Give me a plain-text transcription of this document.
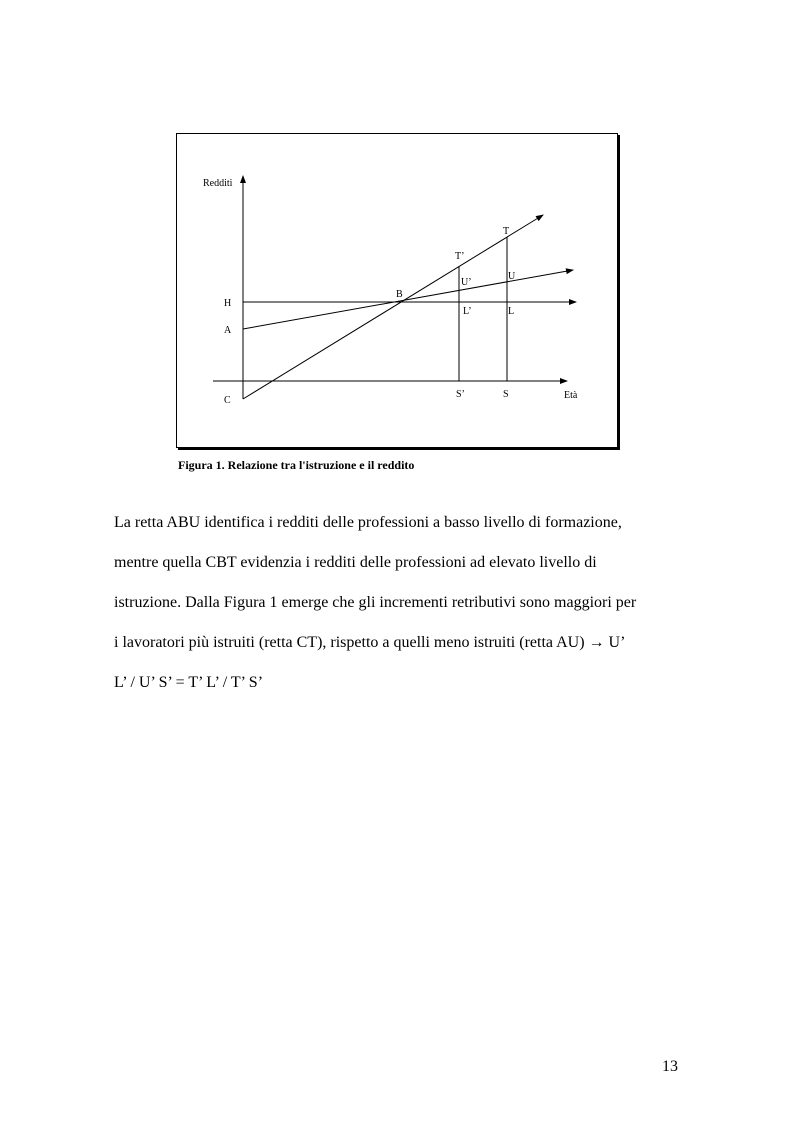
Redditi
Età
H
A
C
B
T’
T
U’
U
L’	L
S’	S
Figura 1. Relazione tra l'istruzione e il reddito
La retta ABU identifica i redditi delle professioni a basso livello di formazione,
mentre quella CBT evidenzia i redditi delle professioni ad elevato livello di
istruzione. Dalla Figura 1 emerge che gli incrementi retributivi sono maggiori per
i lavoratori più istruiti (retta CT), rispetto a quelli meno istruiti (retta AU) → U’
L’ / U’ S’ = T’ L’ / T’ S’
13
